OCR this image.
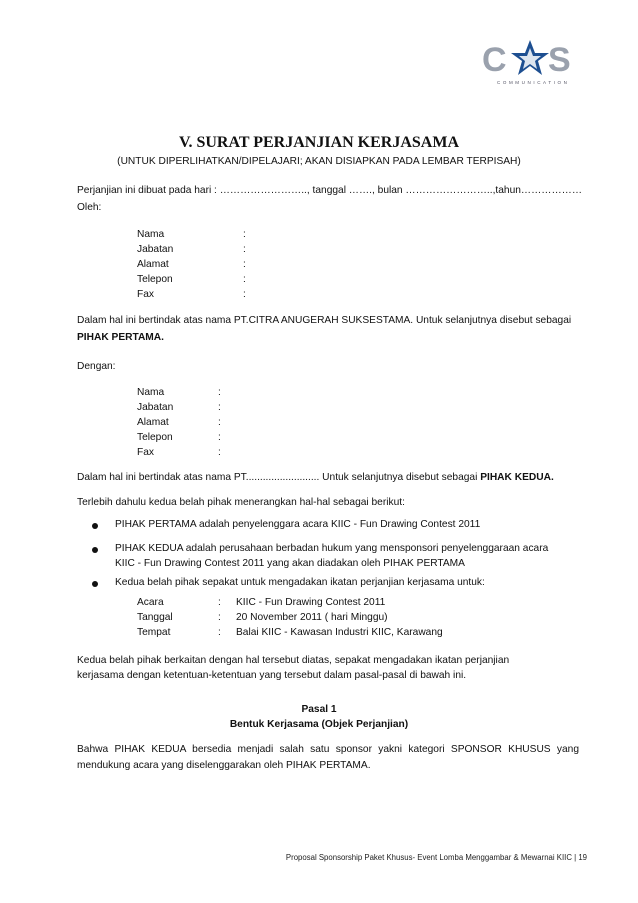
C S
COMMUNICATION
V. SURAT PERJANJIAN KERJASAMA
(UNTUK DIPERLIHATKAN/DIPELAJARI; AKAN DISIAPKAN PADA LEMBAR TERPISAH)
Perjanjian ini dibuat pada hari : …………………….., tanggal ……., bulan ……………………..,tahun………………
Oleh:
Nama	:
Jabatan	:
Alamat	:
Telepon	:
Fax	:
Dalam hal ini bertindak atas nama PT.CITRA ANUGERAH SUKSESTAMA. Untuk selanjutnya disebut sebagai PIHAK PERTAMA.
Dengan:
Nama	:
Jabatan	:
Alamat	:
Telepon	:
Fax	:
Dalam hal ini bertindak atas nama PT.......................... Untuk selanjutnya disebut sebagai PIHAK KEDUA.
Terlebih dahulu kedua belah pihak menerangkan hal-hal sebagai berikut:
PIHAK PERTAMA adalah penyelenggara acara KIIC - Fun Drawing Contest 2011
PIHAK KEDUA adalah perusahaan berbadan hukum yang mensponsori penyelenggaraan acara
KIIC - Fun Drawing Contest 2011 yang akan diadakan oleh PIHAK PERTAMA
Kedua belah pihak sepakat untuk mengadakan ikatan perjanjian kerjasama untuk:
Acara	: KIIC - Fun Drawing Contest 2011
Tanggal	: 20 November 2011 ( hari Minggu)
Tempat	: Balai KIIC - Kawasan Industri KIIC, Karawang
Kedua belah pihak berkaitan dengan hal tersebut diatas, sepakat mengadakan ikatan perjanjian
kerjasama dengan ketentuan-ketentuan yang tersebut dalam pasal-pasal di bawah ini.
Pasal 1
Bentuk Kerjasama (Objek Perjanjian)
Bahwa PIHAK KEDUA bersedia menjadi salah satu sponsor yakni kategori SPONSOR KHUSUS yang
mendukung acara yang diselenggarakan oleh PIHAK PERTAMA.
Proposal Sponsorship Paket Khusus- Event Lomba Menggambar & Mewarnai KIIC | 19
